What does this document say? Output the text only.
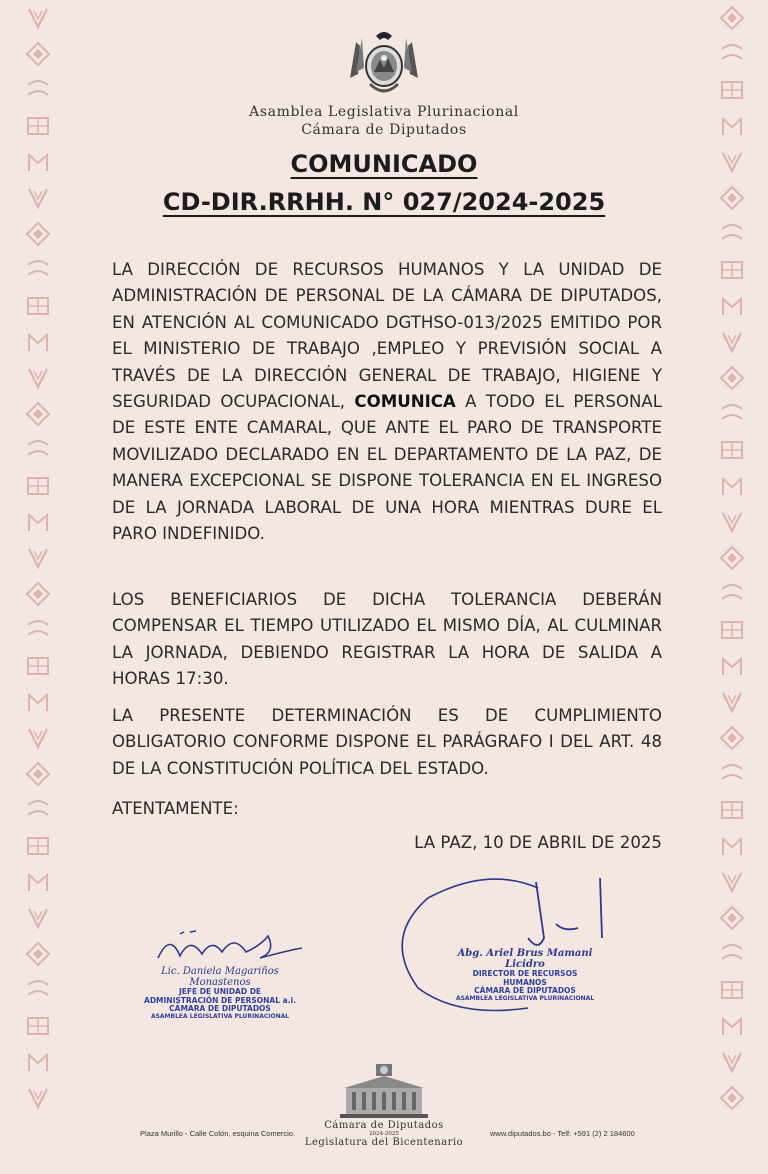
Asamblea Legislativa Plurinacional
Cámara de Diputados
COMUNICADO
CD-DIR.RRHH. N° 027/2024-2025

LA DIRECCIÓN DE RECURSOS HUMANOS Y LA UNIDAD DE ADMINISTRACIÓN DE PERSONAL DE LA CÁMARA DE DIPUTADOS, EN ATENCIÓN AL COMUNICADO DGTHSO-013/2025 EMITIDO POR EL MINISTERIO DE TRABAJO ,EMPLEO Y PREVISIÓN SOCIAL A TRAVÉS DE LA DIRECCIÓN GENERAL DE TRABAJO, HIGIENE Y SEGURIDAD OCUPACIONAL, COMUNICA A TODO EL PERSONAL DE ESTE ENTE CAMARAL, QUE ANTE EL PARO DE TRANSPORTE MOVILIZADO DECLARADO EN EL DEPARTAMENTO DE LA PAZ, DE MANERA EXCEPCIONAL SE DISPONE TOLERANCIA EN EL INGRESO DE LA JORNADA LABORAL DE UNA HORA MIENTRAS DURE EL PARO INDEFINIDO.

LOS BENEFICIARIOS DE DICHA TOLERANCIA DEBERÁN COMPENSAR EL TIEMPO UTILIZADO EL MISMO DÍA, AL CULMINAR LA JORNADA, DEBIENDO REGISTRAR LA HORA DE SALIDA A HORAS 17:30.

LA PRESENTE DETERMINACIÓN ES DE CUMPLIMIENTO OBLIGATORIO CONFORME DISPONE EL PARÁGRAFO I DEL ART. 48 DE LA CONSTITUCIÓN POLÍTICA DEL ESTADO.

ATENTAMENTE:
LA PAZ, 10 DE ABRIL DE 2025
Lic. Daniela Magariños Monastenos
JEFE DE UNIDAD DE
ADMINISTRACIÓN DE PERSONAL a.i.
CÁMARA DE DIPUTADOS
ASAMBLEA LEGISLATIVA PLURINACIONAL
Abg. Ariel Brus Mamani Licidro
DIRECTOR DE RECURSOS HUMANOS
CÁMARA DE DIPUTADOS
ASAMBLEA LEGISLATIVA PLURINACIONAL
Plaza Murillo - Calle Colón, esquina Comercio.	www.diputados.bo - Telf: +591 (2) 2 184600
Cámara de Diputados
2024-2025
Legislatura del Bicentenario
